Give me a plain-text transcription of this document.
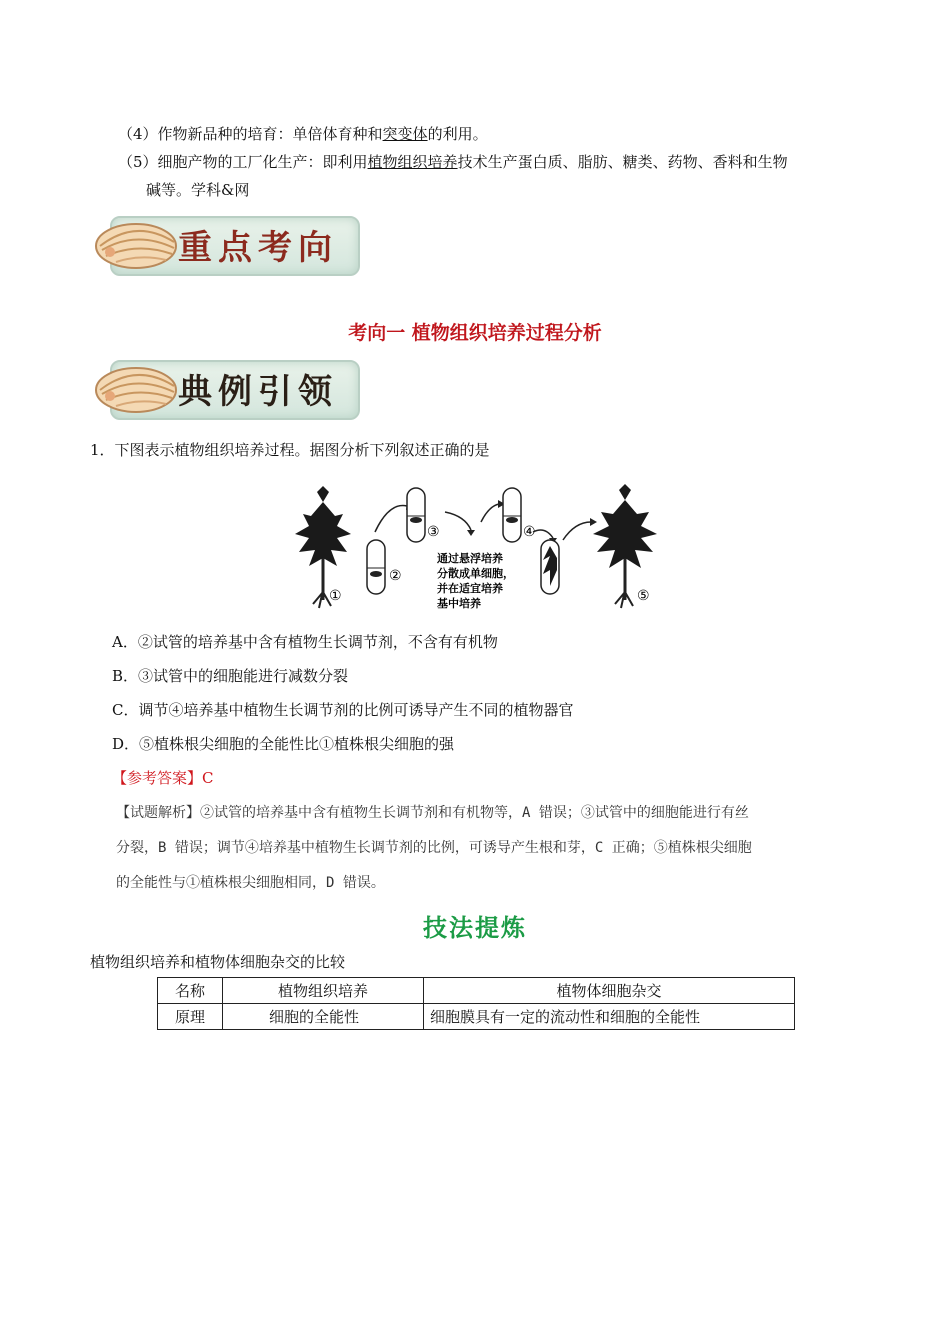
（4）作物新品种的培育：单倍体育种和突变体的利用。
（5）细胞产物的工厂化生产：即利用植物组织培养技术生产蛋白质、脂肪、糖类、药物、香料和生物
碱等。学科&网
重点考向
考向一 植物组织培养过程分析
典例引领
1．下图表示植物组织培养过程。据图分析下列叙述正确的是
①
②
③	④
⑤
通过悬浮培养
分散成单细胞，
并在适宜培养
基中培养
A．②试管的培养基中含有植物生长调节剂，不含有有机物
B．③试管中的细胞能进行减数分裂
C．调节④培养基中植物生长调节剂的比例可诱导产生不同的植物器官
D．⑤植株根尖细胞的全能性比①植株根尖细胞的强
【参考答案】C
【试题解析】②试管的培养基中含有植物生长调节剂和有机物等，A 错误；③试管中的细胞能进行有丝
分裂，B 错误；调节④培养基中植物生长调节剂的比例，可诱导产生根和芽，C 正确；⑤植株根尖细胞
的全能性与①植株根尖细胞相同，D 错误。
技法提炼
植物组织培养和植物体细胞杂交的比较
名称	植物组织培养	植物体细胞杂交
原理	细胞的全能性	细胞膜具有一定的流动性和细胞的全能性
